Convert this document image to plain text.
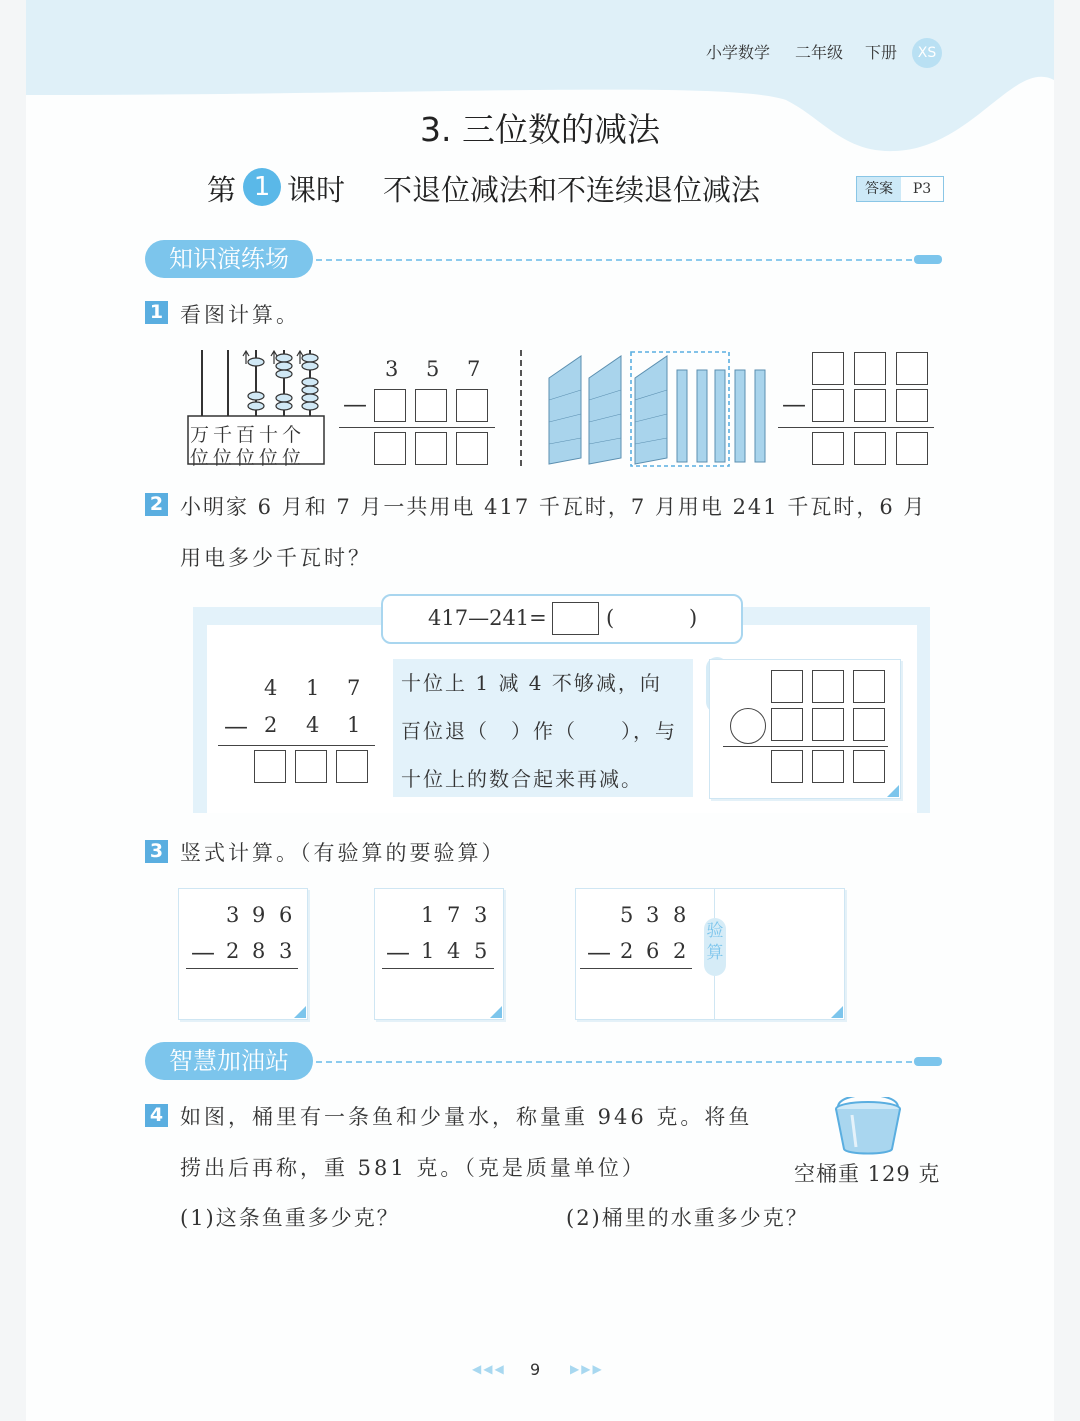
小学数学 二年级 下册	XS
3. 三位数的减法
第 1 课时 不退位减法和不连续退位减法	答案	P3
知识演练场
1 看图计算。
万千百十个
位位位位位
3 5 7
—	—
2 小明家 6 月和 7 月一共用电 417 千瓦时，7 月用电 241 千瓦时，6 月
用电多少千瓦时？
417—241=	(	)
4 1 7
— 2 4 1
十位上 1 减 4 不够减，向
百位退（　）作（　　），与
十位上的数合起来再减。
3 竖式计算。（有验算的要验算）
3 9 6
— 2 8 3
1 7 3
— 1 4 5
5 3 8
— 2 6 2
验
算
智慧加油站
4 如图，桶里有一条鱼和少量水，称量重 946 克。将鱼
捞出后再称，重 581 克。（克是质量单位）	空桶重 129 克
(1)这条鱼重多少克？	(2)桶里的水重多少克？
◀◀◀ 9 ▶▶▶
